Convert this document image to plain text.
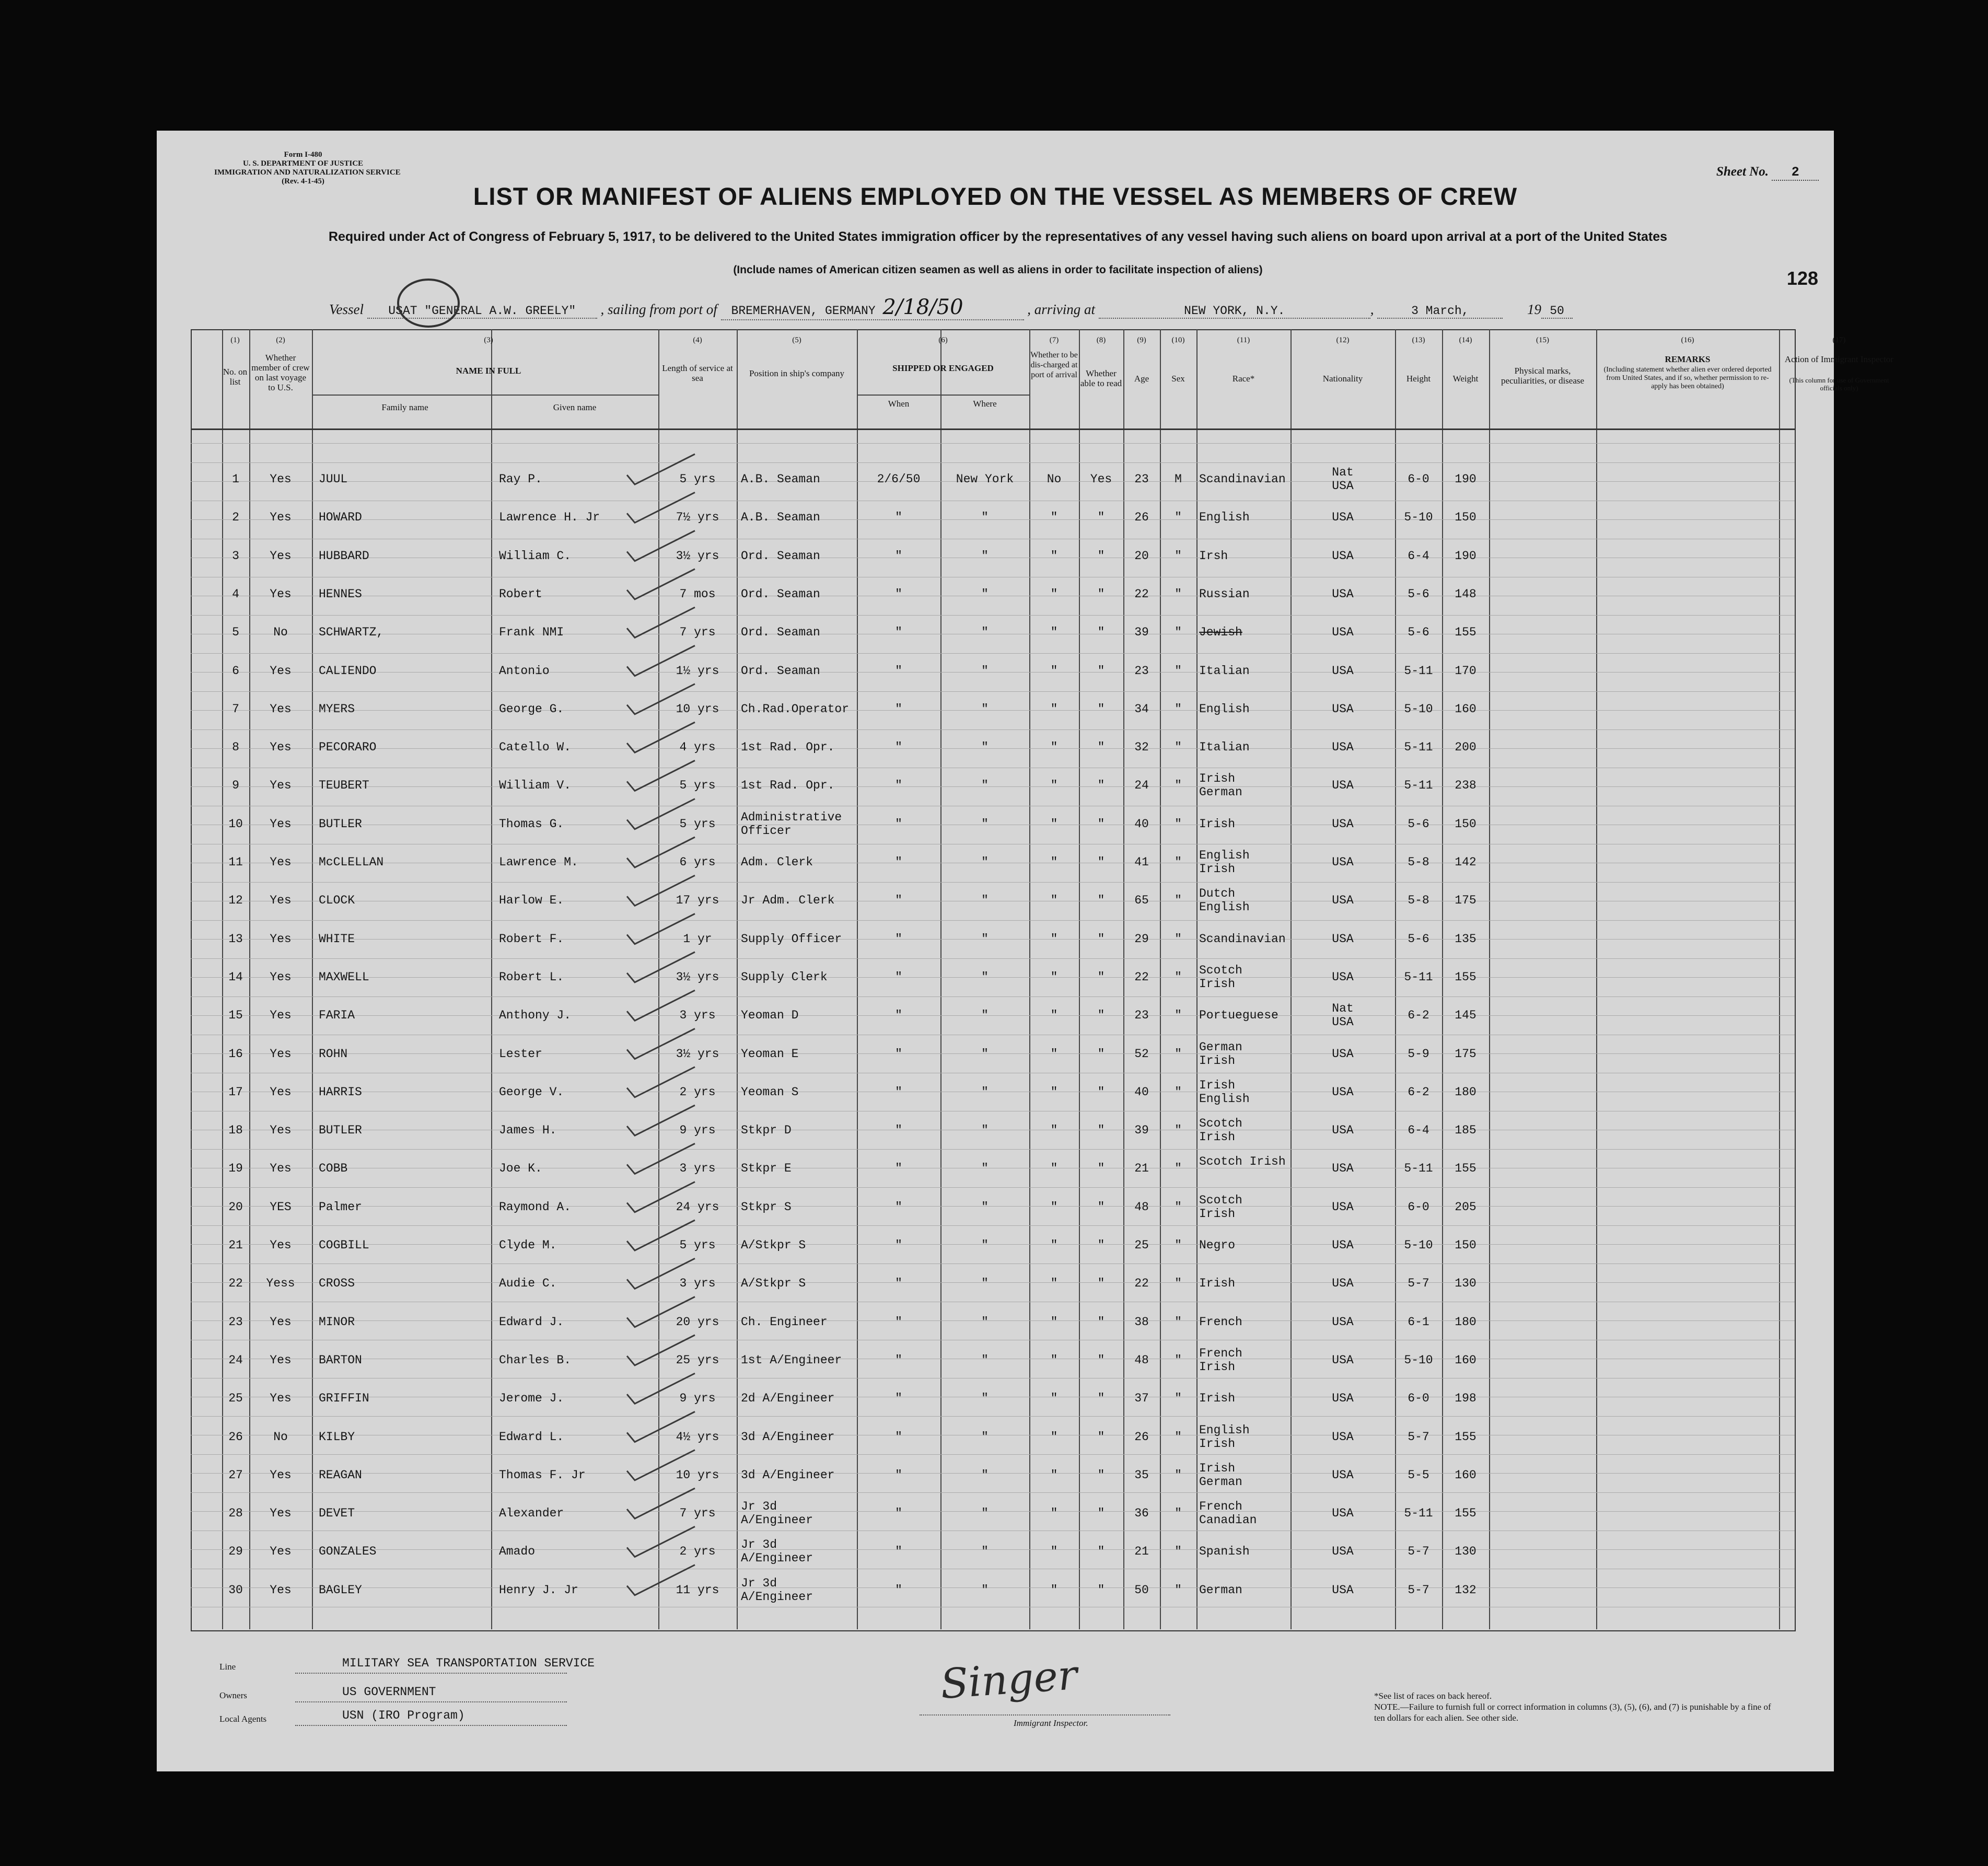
Form I-480
U. S. DEPARTMENT OF JUSTICE
IMMIGRATION AND NATURALIZATION SERVICE
(Rev. 4-1-45)
Sheet No. 2
LIST OR MANIFEST OF ALIENS EMPLOYED ON THE VESSEL AS MEMBERS OF CREW
Required under Act of Congress of February 5, 1917, to be delivered to the United States immigration officer by the representatives of any vessel having such aliens on board upon arrival at a port of the United States
(Include names of American citizen seamen as well as aliens in order to facilitate inspection of aliens)	128
Vessel USAT "GENERAL A.W. GREELY" , sailing from port of BREMERHAVEN, GERMANY 2/18/50	, arriving at	NEW YORK, N.Y.	,	3 March,	19 50
(1)
No. on list
(2)
Whether member of crew on last voyage to U.S.
(3)
NAME IN FULL
Family name	Given name
(4)
Length of service at sea
(5)
Position in ship's company
(6)
SHIPPED OR ENGAGED
When	Where
(7)
Whether to be dis-charged at port of arrival
(8)
Whether able to read
(9)
Age
(10)
Sex
(11)
Race*
(12)
Nationality
(13)
Height
(14)
Weight
(15)
Physical marks, peculiarities, or disease
(16)
REMARKS
(Including statement whether alien ever ordered deported from United States, and if so, whether permission to re-apply has been obtained)
(17)
Action of Immigrant Inspector
(This column for use of Government officials only)
1	Yes	JUUL	Ray P.	5 yrs	A.B. Seaman	2/6/50	New York	No	Yes	23	M	Scandinavian	Nat USA	6-0	190
2	Yes	HOWARD	Lawrence H. Jr	7½ yrs	A.B. Seaman	"	"	"	"	26	"	English	USA	5-10	150
3	Yes	HUBBARD	William C.	3½ yrs	Ord. Seaman	"	"	"	"	20	"	Irsh	USA	6-4	190
4	Yes	HENNES	Robert	7 mos	Ord. Seaman	"	"	"	"	22	"	Russian	USA	5-6	148
5	No	SCHWARTZ,	Frank NMI	7 yrs	Ord. Seaman	"	"	"	"	39	"	Jewish	USA	5-6	155
6	Yes	CALIENDO	Antonio	1½ yrs	Ord. Seaman	"	"	"	"	23	"	Italian	USA	5-11	170
7	Yes	MYERS	George G.	10 yrs	Ch.Rad.Operator	"	"	"	"	34	"	English	USA	5-10	160
8	Yes	PECORARO	Catello W.	4 yrs	1st Rad. Opr.	"	"	"	"	32	"	Italian	USA	5-11	200
9	Yes	TEUBERT	William V.	5 yrs	1st Rad. Opr.	"	"	"	"	24	"	Irish German	USA	5-11	238
10	Yes	BUTLER	Thomas G.	5 yrs	Administrative Officer	"	"	"	"	40	"	Irish	USA	5-6	150
11	Yes	McCLELLAN	Lawrence M.	6 yrs	Adm. Clerk	"	"	"	"	41	"	English Irish	USA	5-8	142
12	Yes	CLOCK	Harlow E.	17 yrs	Jr Adm. Clerk	"	"	"	"	65	"	Dutch English	USA	5-8	175
13	Yes	WHITE	Robert F.	1 yr	Supply Officer	"	"	"	"	29	"	Scandinavian	USA	5-6	135
14	Yes	MAXWELL	Robert L.	3½ yrs	Supply Clerk	"	"	"	"	22	"	Scotch Irish	USA	5-11	155
15	Yes	FARIA	Anthony J.	3 yrs	Yeoman D	"	"	"	"	23	"	Portueguese	Nat USA	6-2	145
16	Yes	ROHN	Lester	3½ yrs	Yeoman E	"	"	"	"	52	"	German Irish	USA	5-9	175
17	Yes	HARRIS	George V.	2 yrs	Yeoman S	"	"	"	"	40	"	Irish English	USA	6-2	180
18	Yes	BUTLER	James H.	9 yrs	Stkpr D	"	"	"	"	39	"	Scotch Irish	USA	6-4	185
19	Yes	COBB	Joe K.	3 yrs	Stkpr E	"	"	"	"	21	"	Scotch Irish	USA	5-11	155
20	YES	Palmer	Raymond A.	24 yrs	Stkpr S	"	"	"	"	48	"	Scotch Irish	USA	6-0	205
21	Yes	COGBILL	Clyde M.	5 yrs	A/Stkpr S	"	"	"	"	25	"	Negro	USA	5-10	150
22	Yess	CROSS	Audie C.	3 yrs	A/Stkpr S	"	"	"	"	22	"	Irish	USA	5-7	130
23	Yes	MINOR	Edward J.	20 yrs	Ch. Engineer	"	"	"	"	38	"	French	USA	6-1	180
24	Yes	BARTON	Charles B.	25 yrs	1st A/Engineer	"	"	"	"	48	"	French Irish	USA	5-10	160
25	Yes	GRIFFIN	Jerome J.	9 yrs	2d A/Engineer	"	"	"	"	37	"	Irish	USA	6-0	198
26	No	KILBY	Edward L.	4½ yrs	3d A/Engineer	"	"	"	"	26	"	English Irish	USA	5-7	155
27	Yes	REAGAN	Thomas F. Jr	10 yrs	3d A/Engineer	"	"	"	"	35	"	Irish German	USA	5-5	160
28	Yes	DEVET	Alexander	7 yrs	Jr 3d A/Engineer	"	"	"	"	36	"	French Canadian	USA	5-11	155
29	Yes	GONZALES	Amado	2 yrs	Jr 3d A/Engineer	"	"	"	"	21	"	Spanish	USA	5-7	130
30	Yes	BAGLEY	Henry J. Jr	11 yrs	Jr 3d A/Engineer	"	"	"	"	50	"	German	USA	5-7	132
Line	MILITARY SEA TRANSPORTATION SERVICE
Owners	US GOVERNMENT
Local Agents	USN (IRO Program)
Singer
Immigrant Inspector.
*See list of races on back hereof.
NOTE.—Failure to furnish full or correct information in columns (3), (5), (6), and (7) is punishable by a fine of ten dollars for each alien. See other side.
